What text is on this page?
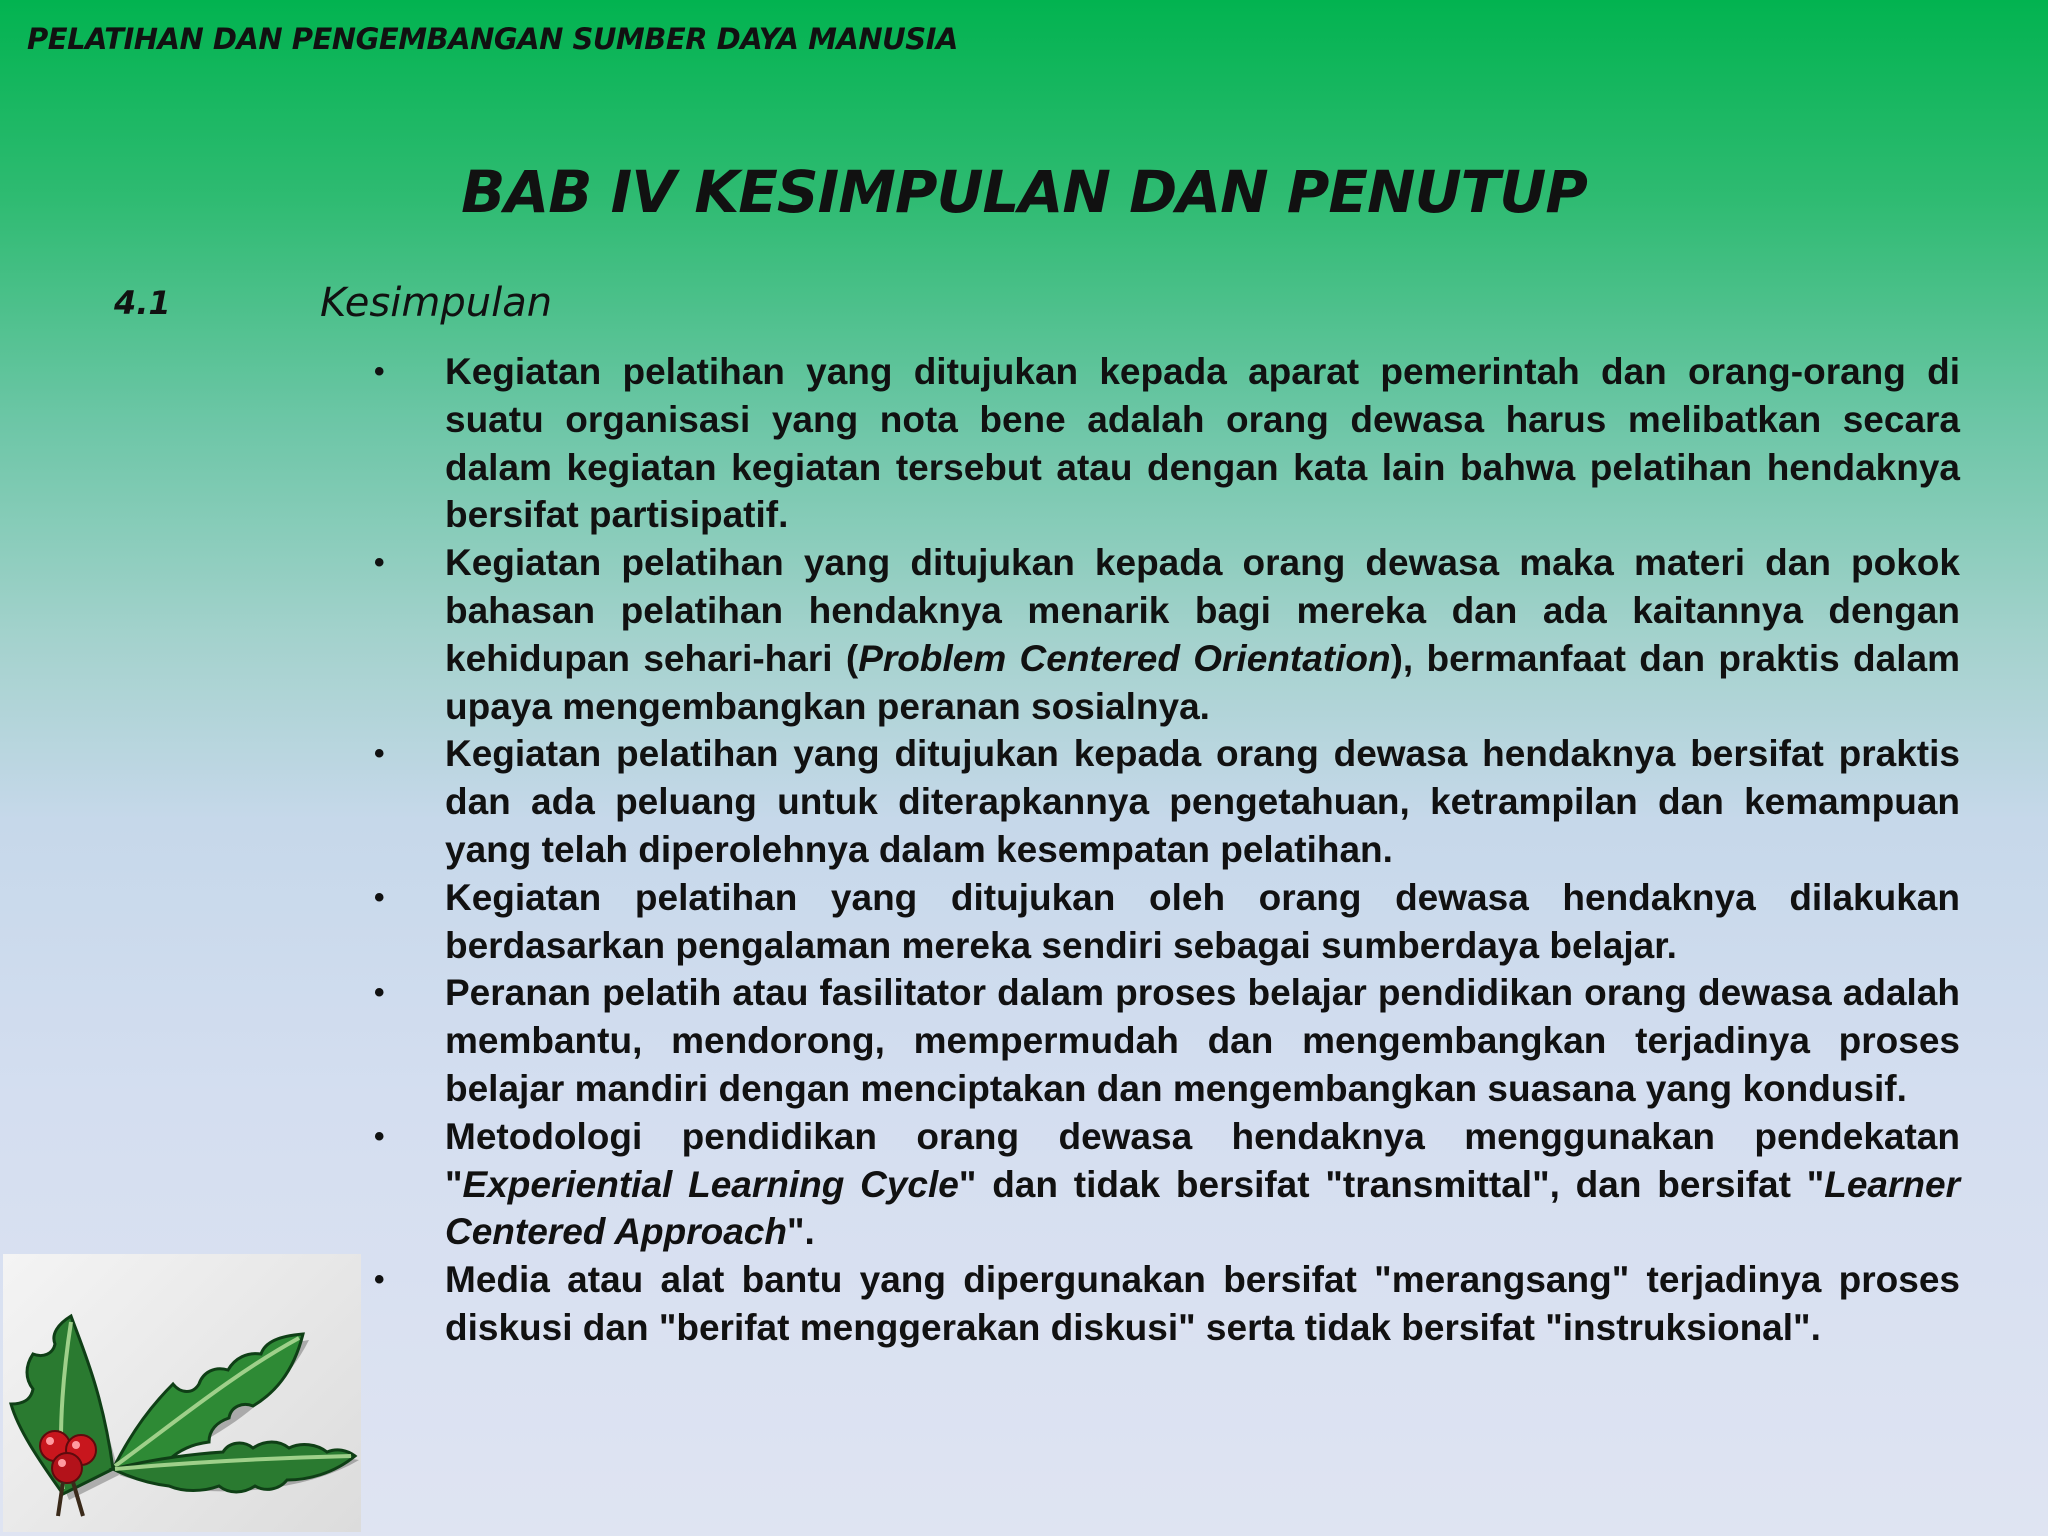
PELATIHAN DAN PENGEMBANGAN SUMBER DAYA MANUSIA
BAB IV KESIMPULAN DAN PENUTUP
4.1	Kesimpulan
• Kegiatan pelatihan yang ditujukan kepada aparat pemerintah dan orang-orang di suatu organisasi yang nota bene adalah orang dewasa harus melibatkan secara dalam kegiatan kegiatan tersebut atau dengan kata lain bahwa pelatihan hendaknya bersifat partisipatif.
• Kegiatan pelatihan yang ditujukan kepada orang dewasa maka materi dan pokok bahasan pelatihan hendaknya menarik bagi mereka dan ada kaitannya dengan kehidupan sehari-hari (Problem Centered Orientation), bermanfaat dan praktis dalam upaya mengembangkan peranan sosialnya.
• Kegiatan pelatihan yang ditujukan kepada orang dewasa hendaknya bersifat praktis dan ada peluang untuk diterapkannya pengetahuan, ketrampilan dan kemampuan yang telah diperolehnya dalam kesempatan pelatihan.
• Kegiatan pelatihan yang ditujukan oleh orang dewasa hendaknya dilakukan berdasarkan pengalaman mereka sendiri sebagai sumberdaya belajar.
• Peranan pelatih atau fasilitator dalam proses belajar pendidikan orang dewasa adalah membantu, mendorong, mempermudah dan mengembangkan terjadinya proses belajar mandiri dengan menciptakan dan mengembangkan suasana yang kondusif.
• Metodologi pendidikan orang dewasa hendaknya menggunakan pendekatan "Experiential Learning Cycle" dan tidak bersifat "transmittal", dan bersifat "Learner Centered Approach".
• Media atau alat bantu yang dipergunakan bersifat "merangsang" terjadinya proses diskusi dan "berifat menggerakan diskusi" serta tidak bersifat "instruksional".
